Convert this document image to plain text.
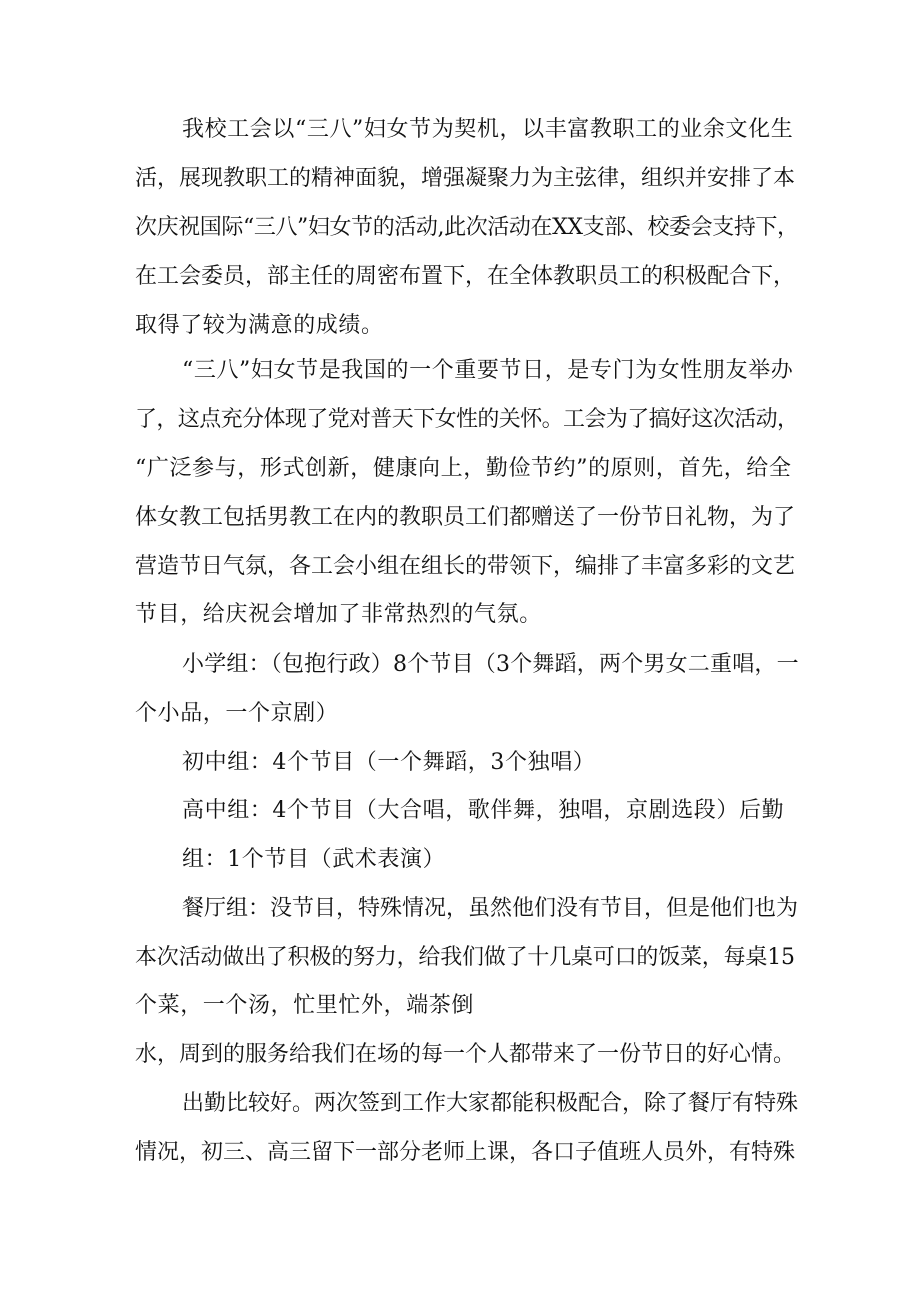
我校工会以“三八”妇女节为契机，以丰富教职工的业余文化生

活，展现教职工的精神面貌，增强凝聚力为主弦律，组织并安排了本

次庆祝国际“三八”妇女节的活动,此次活动在XX支部、校委会支持下，

在工会委员，部主任的周密布置下，在全体教职员工的积极配合下，

取得了较为满意的成绩。

“三八”妇女节是我国的一个重要节日，是专门为女性朋友举办

了，这点充分体现了党对普天下女性的关怀。工会为了搞好这次活动，

“广泛参与，形式创新，健康向上，勤俭节约”的原则，首先，给全

体女教工包括男教工在内的教职员工们都赠送了一份节日礼物，为了

营造节日气氛，各工会小组在组长的带领下，编排了丰富多彩的文艺

节目，给庆祝会增加了非常热烈的气氛。

小学组：（包抱行政）8个节目（3个舞蹈，两个男女二重唱，一

个小品，一个京剧）

初中组：4个节目（一个舞蹈，3个独唱）

高中组：4个节目（大合唱，歌伴舞，独唱，京剧选段）后勤

组：1个节目（武术表演）

餐厅组：没节目，特殊情况，虽然他们没有节目，但是他们也为

本次活动做出了积极的努力，给我们做了十几桌可口的饭菜，每桌15

个菜，一个汤，忙里忙外，端茶倒

水，周到的服务给我们在场的每一个人都带来了一份节日的好心情。

出勤比较好。两次签到工作大家都能积极配合，除了餐厅有特殊

情况，初三、高三留下一部分老师上课，各口子值班人员外，有特殊
